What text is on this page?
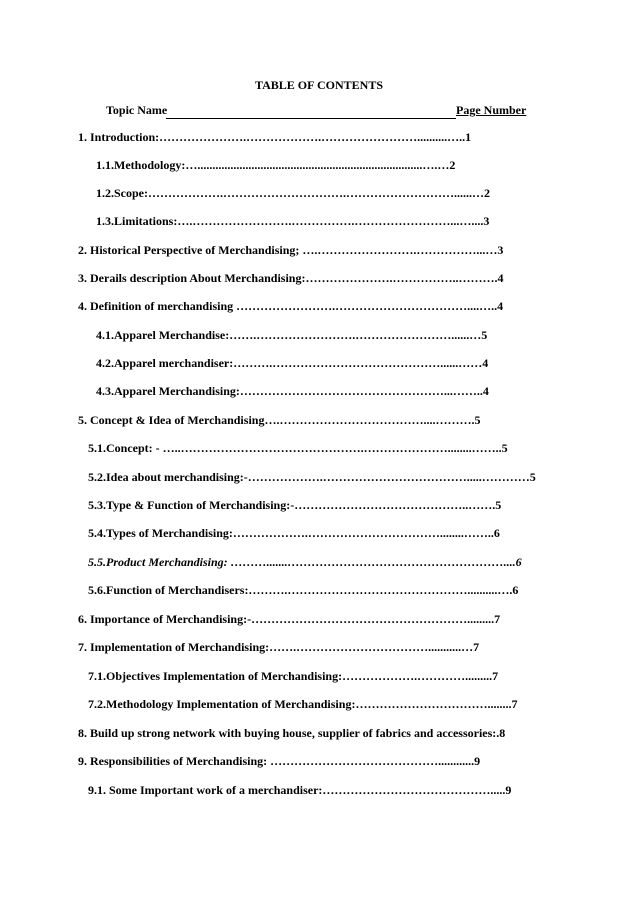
TABLE OF CONTENTS
Topic Name	Page Number
1. Introduction:………………….……………….……………………..........…..1
1.1.Methodology:…...........................................................................….…2
1.2.Scope:……………….………………………….………………………......…2
1.3.Limitations:….…………………….…………….……………………...…....3
2. Historical Perspective of Merchandising; ….…………………….……………...…3
3. Derails description About Merchandising:………………….……………..……….4
4. Definition of merchandising …………………….……………………………....…..4
4.1.Apparel Merchandise:…….…………………….……………………......…5
4.2.Apparel merchandiser:……….……………………………………......……4
4.3.Apparel Merchandising:……………………………………………...……..4
5. Concept & Idea of Merchandising….………………………………....……….5
5.1.Concept: - …..……………………………………….…………………........……..5
5.2.Idea about merchandising:-……………….……………………………….....…………5
5.3.Type & Function of Merchandising:-……………………………………..…….5
5.4.Types of Merchandising:……………….……………………………........……..6
5.5.Product Merchandising: ……….......………………………………………………....6
5.6.Function of Merchandisers:……….………………………………………..........….6
6. Importance of Merchandising:-……………………………………………….........7
7. Implementation of Merchandising:…….……………………………...........…7
7.1.Objectives Implementation of Merchandising:……………….………….........7
7.2.Methodology Implementation of Merchandising:……………………………........7
8. Build up strong network with buying house, supplier of fabrics and accessories:.8
9. Responsibilities of Merchandising: ……………………………………............9
9.1. Some Important work of a merchandiser:…………………………………….....9
